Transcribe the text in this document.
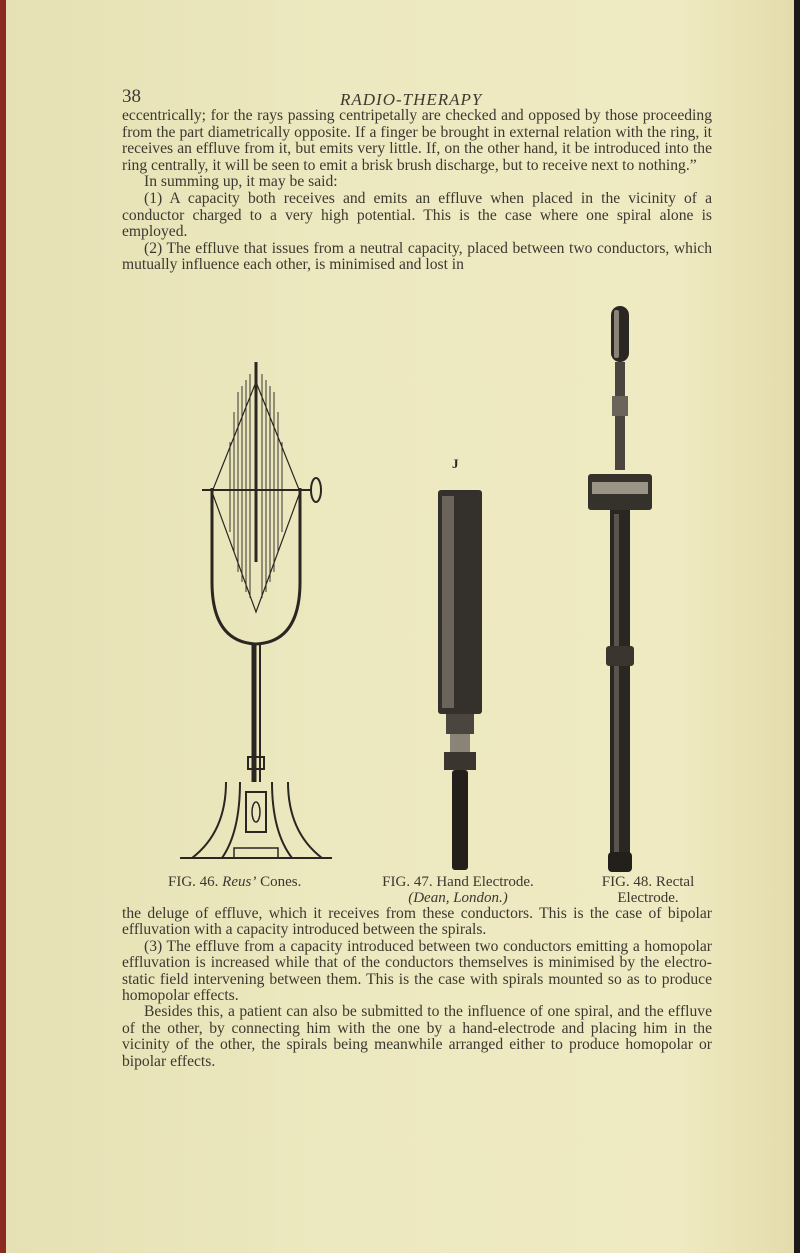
38	RADIO-THERAPY

eccentrically; for the rays passing centripetally are checked and opposed by those proceeding from the part diametrically opposite. If a finger be brought in external relation with the ring, it receives an effluve from it, but emits very little. If, on the other hand, it be introduced into the ring centrally, it will be seen to emit a brisk brush discharge, but to receive next to nothing.”

In summing up, it may be said:

(1) A capacity both receives and emits an effluve when placed in the vicinity of a conductor charged to a very high potential. This is the case where one spiral alone is employed.

(2) The effluve that issues from a neutral capacity, placed between two conductors, which mutually influence each other, is minimised and lost in

J
FIG. 46. Reus’ Cones.	FIG. 47. Hand Electrode.
(Dean, London.)
FIG. 48. Rectal
Electrode.

the deluge of effluve, which it receives from these conductors. This is the case of bipolar effluvation with a capacity introduced between the spirals.

(3) The effluve from a capacity introduced between two conductors emitting a homopolar effluvation is increased while that of the conductors themselves is minimised by the electro-static field intervening between them. This is the case with spirals mounted so as to produce homopolar effects.

Besides this, a patient can also be submitted to the influence of one spiral, and the effluve of the other, by connecting him with the one by a hand-electrode and placing him in the vicinity of the other, the spirals being meanwhile arranged either to produce homopolar or bipolar effects.
